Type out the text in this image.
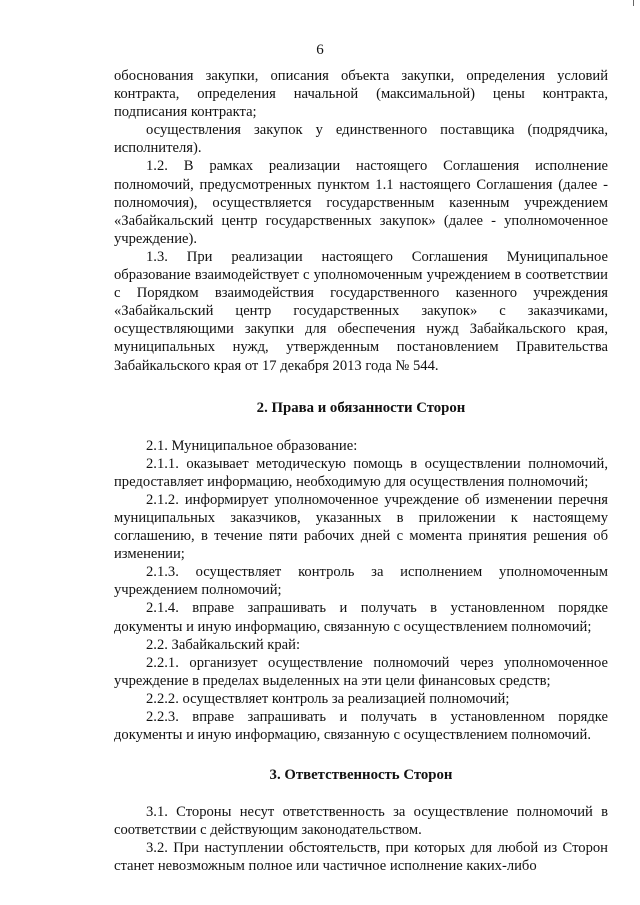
6

обоснования закупки, описания объекта закупки, определения условий контракта, определения начальной (максимальной) цены контракта, подписания контракта;

осуществления закупок у единственного поставщика (подрядчика, исполнителя).

1.2. В рамках реализации настоящего Соглашения исполнение полномочий, предусмотренных пунктом 1.1 настоящего Соглашения (далее - полномочия), осуществляется государственным казенным учреждением «Забайкальский центр государственных закупок» (далее - уполномоченное учреждение).

1.3. При реализации настоящего Соглашения Муниципальное образование взаимодействует с уполномоченным учреждением в соответствии с Порядком взаимодействия государственного казенного учреждения «Забайкальский центр государственных закупок» с заказчиками, осуществляющими закупки для обеспечения нужд Забайкальского края, муниципальных нужд, утвержденным постановлением Правительства Забайкальского края от 17 декабря 2013 года № 544.

2. Права и обязанности Сторон

2.1. Муниципальное образование:

2.1.1. оказывает методическую помощь в осуществлении полномочий, предоставляет информацию, необходимую для осуществления полномочий;

2.1.2. информирует уполномоченное учреждение об изменении перечня муниципальных заказчиков, указанных в приложении к настоящему соглашению, в течение пяти рабочих дней с момента принятия решения об изменении;

2.1.3. осуществляет контроль за исполнением уполномоченным учреждением полномочий;

2.1.4. вправе запрашивать и получать в установленном порядке документы и иную информацию, связанную с осуществлением полномочий;

2.2. Забайкальский край:

2.2.1. организует осуществление полномочий через уполномоченное учреждение в пределах выделенных на эти цели финансовых средств;

2.2.2. осуществляет контроль за реализацией полномочий;

2.2.3. вправе запрашивать и получать в установленном порядке документы и иную информацию, связанную с осуществлением полномочий.

3. Ответственность Сторон

3.1. Стороны несут ответственность за осуществление полномочий в соответствии с действующим законодательством.

3.2. При наступлении обстоятельств, при которых для любой из Сторон станет невозможным полное или частичное исполнение каких-либо
